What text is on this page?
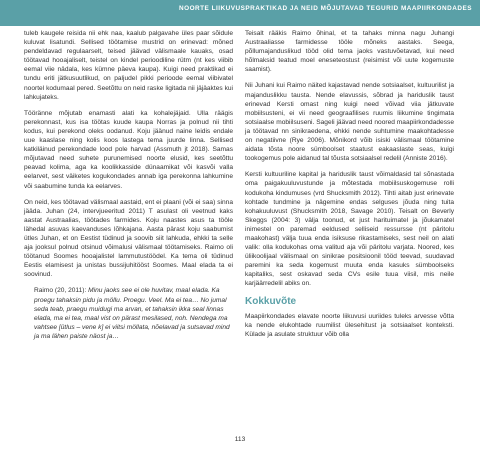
NOORTE LIIKUVUSPRAKTIKAD JA NEID MÕJUTAVAD TEGURID MAAPIIRKONDADES

tuleb kaugele reisida nii ehk naa, kaalub palgavahe üles paar sõidule kuluvat lisatundi. Sellised töötamise mustrid on erinevad: mõned pendeldavad regulaarselt, teised jäävad välismaale kauaks, osad töötavad hooajaliselt, teistel on kindel perioodiline rütm (nt kes viibib eemal viie nädala, kes kümne päeva kaupa). Kuigi need praktikad ei tundu eriti jätkusuutlikud, on paljudel pikki perioode eemal viibivatel noortel kodumaal pered. Seetõttu on neid raske ligitada nii jäjäaktes kui lahkujateks.

Tööränne mõjutab enamasti alati ka kohalejäjaid. Ulla räägis perekonnast, kus isa töötas kuude kaupa Norras ja polnud nii tihti kodus, kui perekond oleks oodanud. Koju jäänud naine leidis endale uue kaaslase ning kolis koos lastega tema juurde linna. Sellised katkiläinud perekondade lood pole harvad (Assmuth jt 2018). Samas mõjutavad need suhete purunemised noorte elusid, kes seetõttu peavad kolima, aga ka koolikkasside dünaamikat või kasvõi valla eelarvet, sest väiketes kogukondades annab iga perekonna lahkumine või saabumine tunda ka eelarves.

On neid, kes töötavad välismaal aastaid, ent ei plaani (või ei saa) sinna jääda. Juhan (24, intervjueeritud 2011) T asulast oli veetnud kaks aastat Austraalias, töötades farmides. Koju naastes asus ta tööle lähedal asuvas kaevanduses lõhkajana. Aasta pärast koju saabumist ütles Juhan, et on Eestist tüdinud ja soovib siit lahkuda, ehkki ta selle aja jooksul polnud otsinud võimalusi välismaal töötamiseks. Raimo oli töötanud Soomes hooajalistel lammutustöödel. Ka tema oli tüdinud Eestis elamisest ja unistas bussijuhitööst Soomes. Maal elada ta ei soovinud.

Raimo (20, 2011): Minu jaoks see ei ole huvitav, maal elada. Ka proegu tahaksin pidu ja möllu. Proegu. Veel. Ma ei tea… No jumal seda teab, praegu muidugi ma arvan, et tahaksin ikka seal linnas elada, ma ei tea, maal vist on pärast mesilased, noh. Nendega ma vahtsee [ütlus – vene k] ei viitsi möllata, nõelavad ja sutsavad mind ja ma lähen paiste näost ja…

Teisalt rääkis Raimo õhinal, et ta tahaks minna nagu Juhangi Austraaliasse farmidesse tööle mõneks aastaks. Seega, põllumajanduslikud tööd olid tema jaoks vastuvõetavad, kui need hõlmaksid teatud moel eneseteostust (reisimist või uute kogemuste saamist).

Nii Juhani kui Raimo näited kajastavad nende sotsiaalset, kultuurilist ja majanduslikku tausta. Nende elavussis, sõbrad ja hariduslik taust erinevad Kersti omast ning kuigi need võivad viia jätkuvate mobiilsusteni, ei vii need geograafilises ruumis liikumine tingimata sotsiaalse mobiilsuseni. Sageli jäävad need noored maapiirkondadesse ja töötavad nn sinikraedena, ehkki nende suhtumine maakohtadesse on negatiivne (Rye 2006). Mõnikord võib isiski välismaal töötamine aidata tõsta noore sümboolset staatust eakaaslaste seas, kuigi tookogemus pole aidanud tal tõusta sotsiaalsel redelil (Anniste 2016).

Kersti kultuuriline kapital ja hariduslik taust võimaldasid tal sõnastada oma paigakuuluvustunde ja mõtestada mobiilsuskogemuse rolli kodukoha kindumuses (vrd Shucksmith 2012). Tihti aitab just erinevate kohtade tundmine ja nägemine endas selguses jõuda ning tuita kohakuuluvust (Shucksmith 2018, Savage 2010). Teisalt on Beverly Skeggs (2004: 3) välja toonud, et just harituimatel ja jõukamatel inimestel on paremad eeldused selliseid ressursse (nt päritolu maakohast) välja tuua enda isiksuse rikastamiseks, sest neil on alati valik: olla kodukohas oma valitud aja või päritolu varjata. Noored, kes üliikoolijaal välismaal on sinikrae positsioonil tööd teevad, suudavad paremini ka seda kogemust muuta enda kasuks sümboolseks kapitaliks, sest oskavad seda CVs esile tuua viisil, mis neile karjäärredelil abiks on.

Kokkuvõte

Maapiirkondades elavate noorte liikuvusi uuriides tuleks arvesse võtta ka nende elukohtade ruumilist ülesehitust ja sotsiaalset konteksti. Külade ja asulate struktuur võib olla

113
